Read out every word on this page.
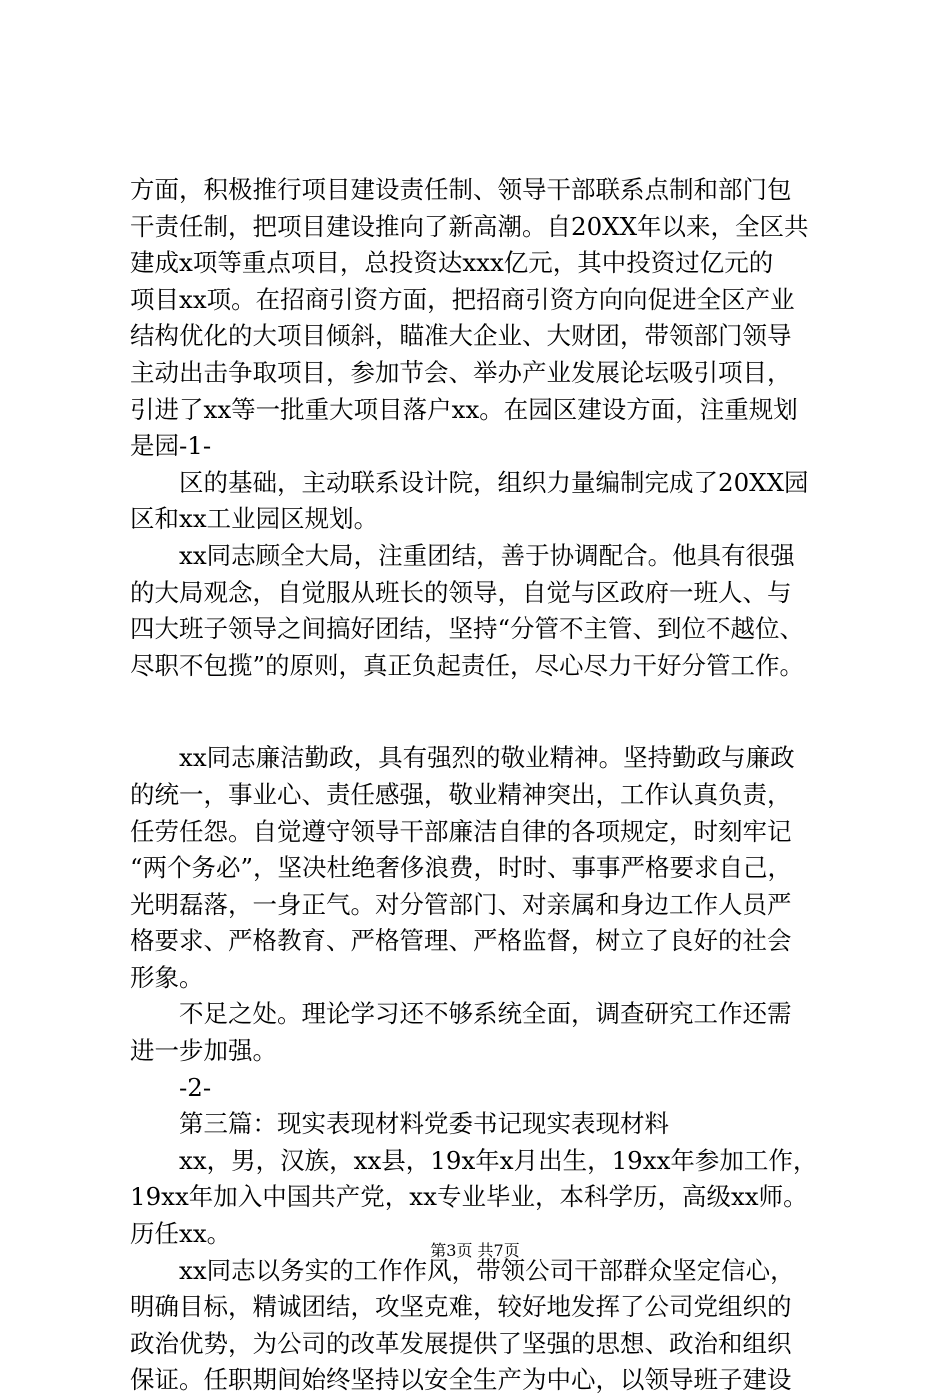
方面，积极推行项目建设责任制、领导干部联系点制和部门包
干责任制，把项目建设推向了新高潮。自20XX年以来，全区共
建成x项等重点项目，总投资达xxx亿元，其中投资过亿元的
项目xx项。在招商引资方面，把招商引资方向向促进全区产业
结构优化的大项目倾斜，瞄准大企业、大财团，带领部门领导
主动出击争取项目，参加节会、举办产业发展论坛吸引项目，
引进了xx等一批重大项目落户xx。在园区建设方面，注重规划
是园-1-
区的基础，主动联系设计院，组织力量编制完成了20XX园
区和xx工业园区规划。
xx同志顾全大局，注重团结，善于协调配合。他具有很强
的大局观念，自觉服从班长的领导，自觉与区政府一班人、与
四大班子领导之间搞好团结，坚持“分管不主管、到位不越位、
尽职不包揽”的原则，真正负起责任，尽心尽力干好分管工作。
xx同志廉洁勤政，具有强烈的敬业精神。坚持勤政与廉政
的统一，事业心、责任感强，敬业精神突出，工作认真负责，
任劳任怨。自觉遵守领导干部廉洁自律的各项规定，时刻牢记
“两个务必”，坚决杜绝奢侈浪费，时时、事事严格要求自己，
光明磊落，一身正气。对分管部门、对亲属和身边工作人员严
格要求、严格教育、严格管理、严格监督，树立了良好的社会
形象。
不足之处。理论学习还不够系统全面，调查研究工作还需
进一步加强。
-2-
第三篇：现实表现材料党委书记现实表现材料
xx，男，汉族，xx县，19x年x月出生，19xx年参加工作，
19xx年加入中国共产党，xx专业毕业，本科学历，高级xx师。
历任xx。
xx同志以务实的工作作风，带领公司干部群众坚定信心，
明确目标，精诚团结，攻坚克难，较好地发挥了公司党组织的
政治优势，为公司的改革发展提供了坚强的思想、政治和组织
保证。任职期间始终坚持以安全生产为中心，以领导班子建设
第3页 共7页
